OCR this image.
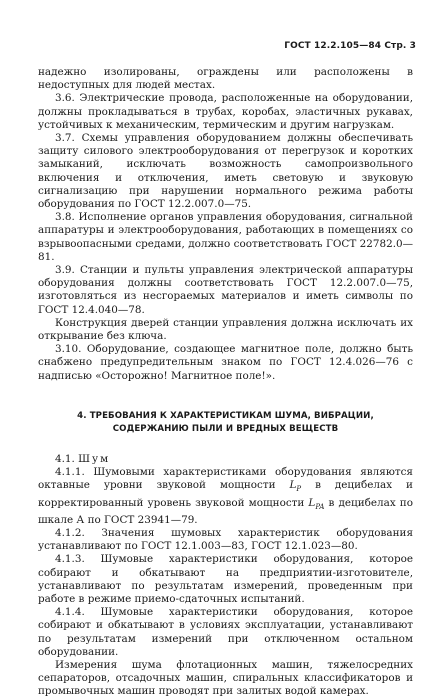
ГОСТ 12.2.105—84 Стр. 3

надежно изолированы, ограждены или расположены в недоступных для людей местах.

3.6. Электрические провода, расположенные на оборудовании, должны прокладываться в трубах, коробах, эластичных рукавах, устойчивых к механическим, термическим и другим нагрузкам.

3.7. Схемы управления оборудованием должны обеспечивать защиту силового электрооборудования от перегрузок и коротких замыканий, исключать возможность самопроизвольного включения и отключения, иметь световую и звуковую сигнализацию при нарушении нормального режима работы оборудования по ГОСТ 12.2.007.0—75.

3.8. Исполнение органов управления оборудования, сигнальной аппаратуры и электрооборудования, работающих в помещениях со взрывоопасными средами, должно соответствовать ГОСТ 22782.0—81.

3.9. Станции и пульты управления электрической аппаратуры оборудования должны соответствовать ГОСТ 12.2.007.0—75, изготовляться из несгораемых материалов и иметь символы по ГОСТ 12.4.040—78.

Конструкция дверей станции управления должна исключать их открывание без ключа.

3.10. Оборудование, создающее магнитное поле, должно быть снабжено предупредительным знаком по ГОСТ 12.4.026—76 с надписью «Осторожно! Магнитное поле!».

4. ТРЕБОВАНИЯ К ХАРАКТЕРИСТИКАМ ШУМА, ВИБРАЦИИ,
СОДЕРЖАНИЮ ПЫЛИ И ВРЕДНЫХ ВЕЩЕСТВ

4.1. Шум

4.1.1. Шумовыми характеристиками оборудования являются октавные уровни звуковой мощности $L_P$ в децибелах и корректированный уровень звуковой мощности $L_{PA}$ в децибелах по шкале А по ГОСТ 23941—79.

4.1.2. Значения шумовых характеристик оборудования устанавливают по ГОСТ 12.1.003—83, ГОСТ 12.1.023—80.

4.1.3. Шумовые характеристики оборудования, которое собирают и обкатывают на предприятии-изготовителе, устанавливают по результатам измерений, проведенным при работе в режиме приемо-сдаточных испытаний.

4.1.4. Шумовые характеристики оборудования, которое собирают и обкатывают в условиях эксплуатации, устанавливают по результатам измерений при отключенном остальном оборудовании.

Измерения шума флотационных машин, тяжелосредних сепараторов, отсадочных машин, спиральных классификаторов и промывочных машин проводят при залитых водой камерах.
